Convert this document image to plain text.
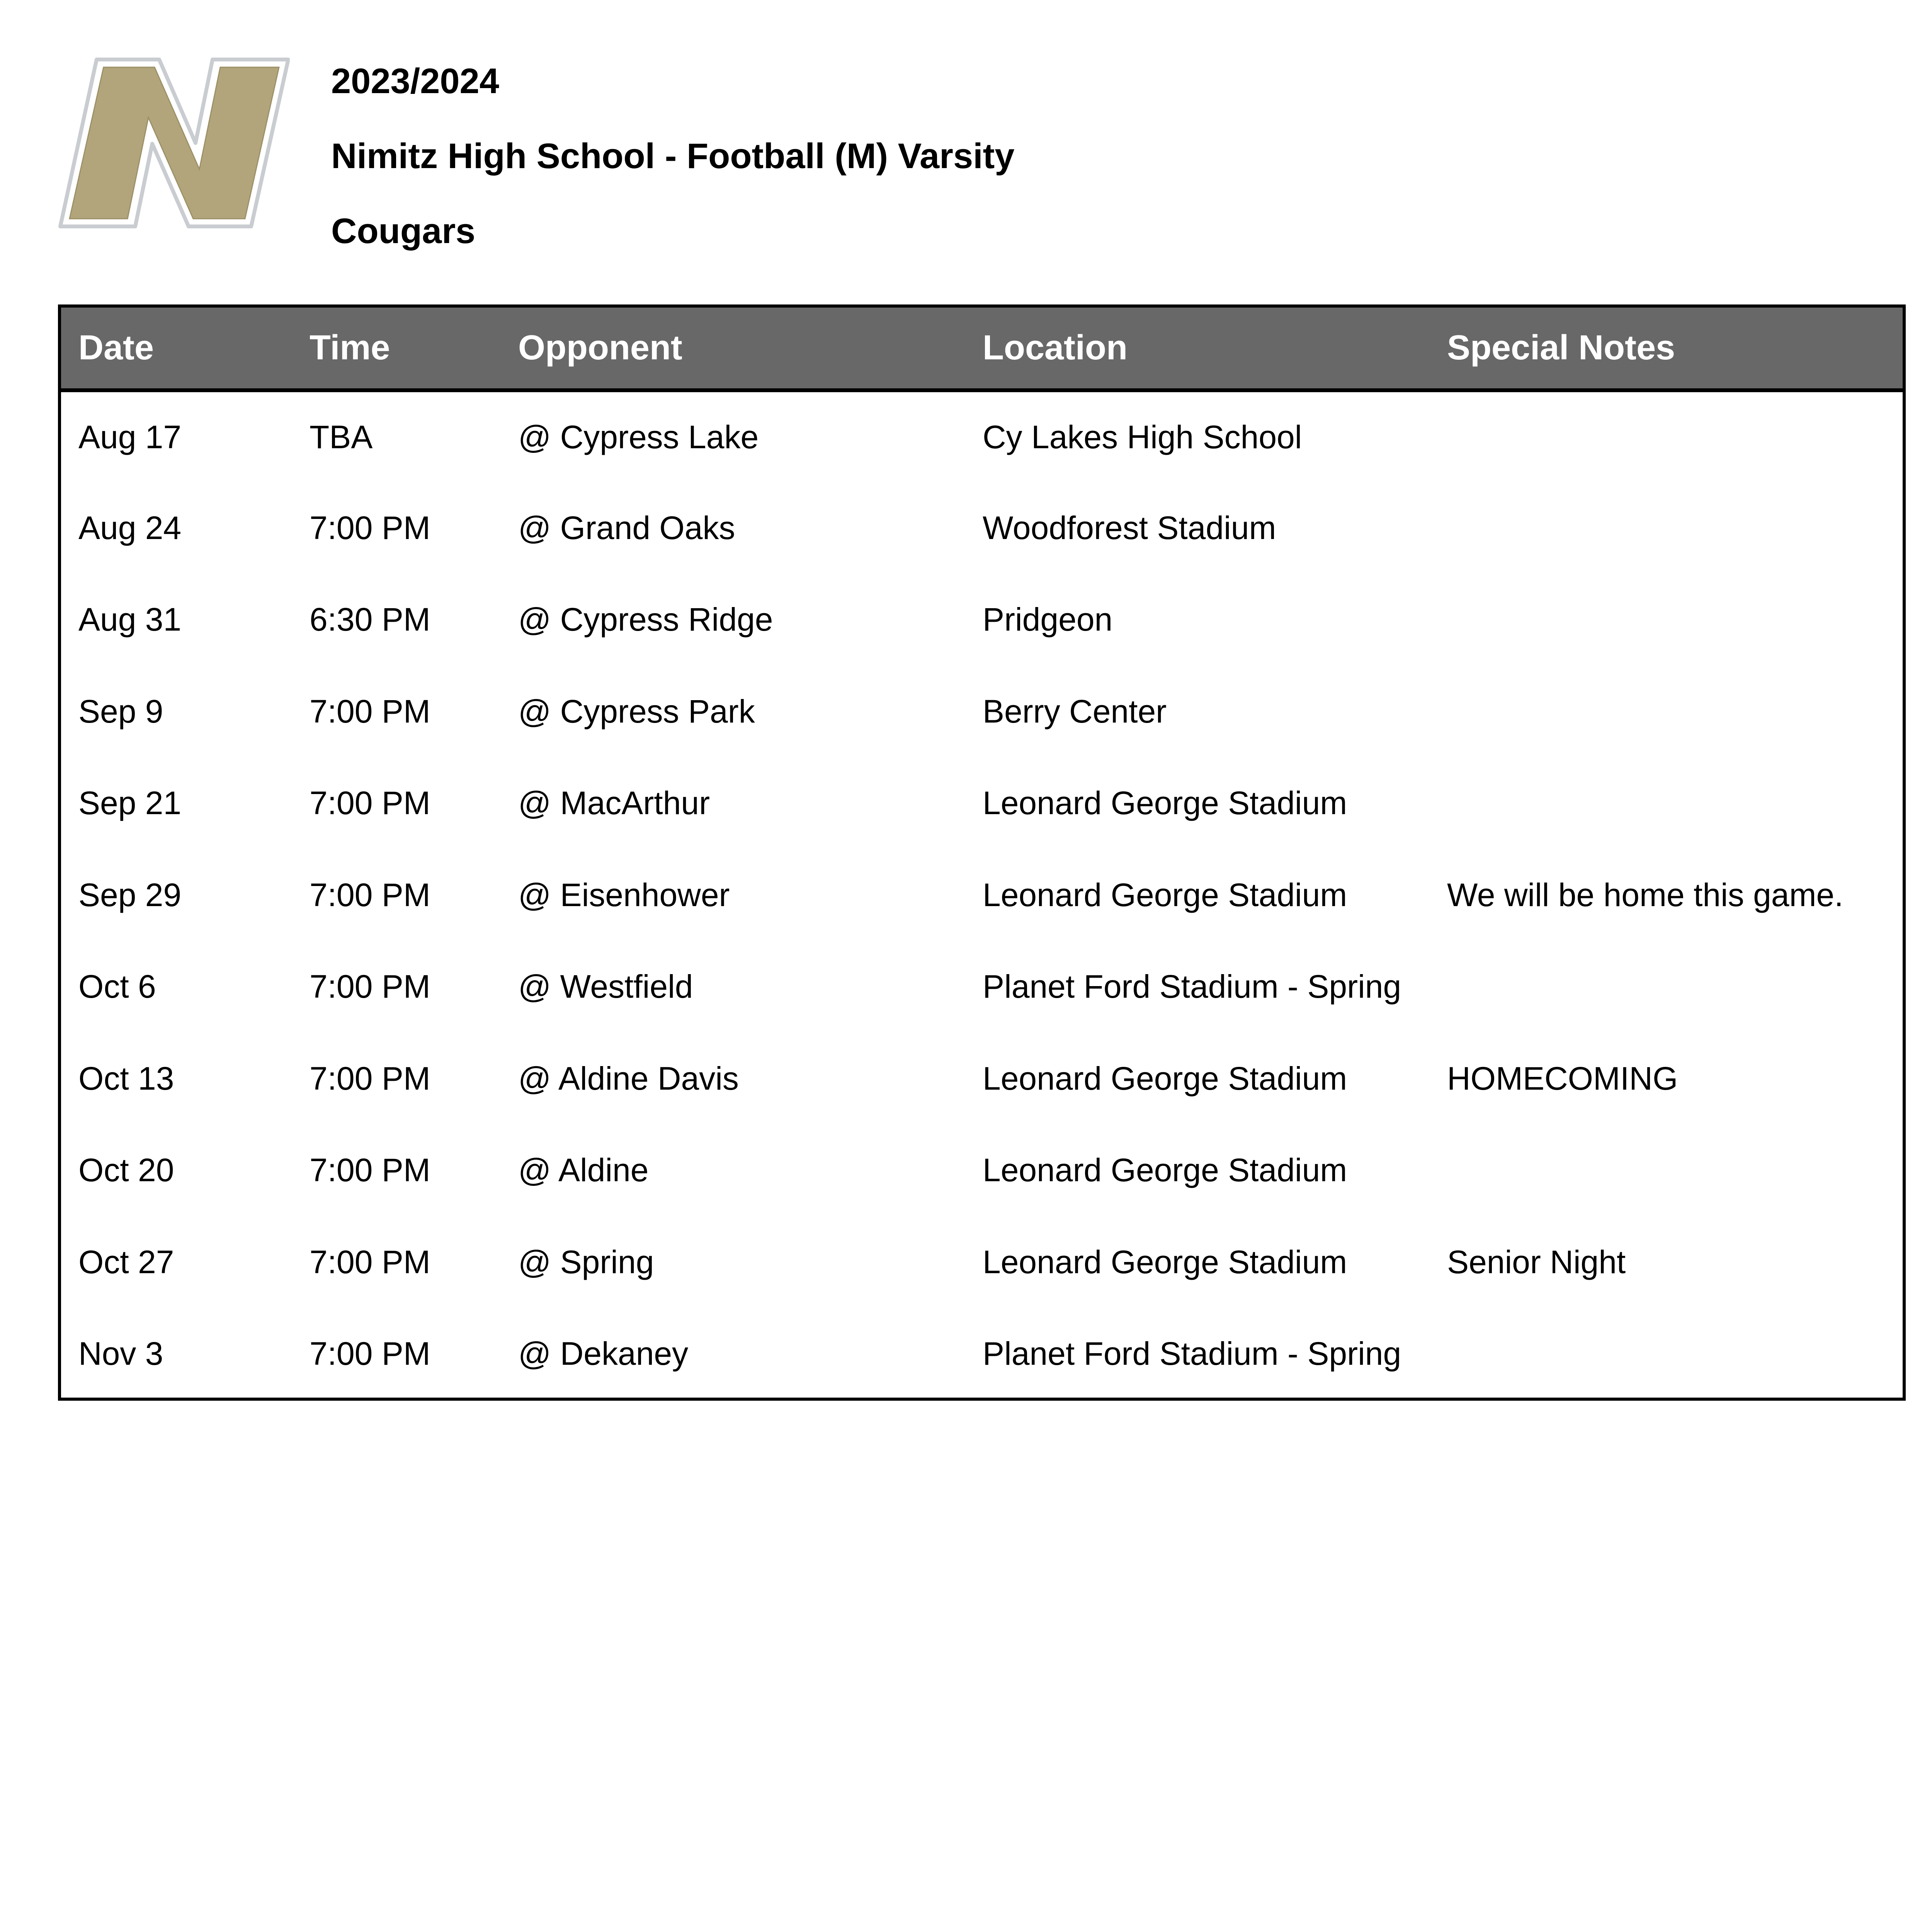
2023/2024
Nimitz High School - Football (M) Varsity
Cougars
Date	Time	Opponent	Location	Special Notes
Aug 17	TBA	@ Cypress Lake	Cy Lakes High School	
Aug 24	7:00 PM	@ Grand Oaks	Woodforest Stadium	
Aug 31	6:30 PM	@ Cypress Ridge	Pridgeon	
Sep 9	7:00 PM	@ Cypress Park	Berry Center	
Sep 21	7:00 PM	@ MacArthur	Leonard George Stadium	
Sep 29	7:00 PM	@ Eisenhower	Leonard George Stadium	We will be home this game.
Oct 6	7:00 PM	@ Westfield	Planet Ford Stadium - Spring	
Oct 13	7:00 PM	@ Aldine Davis	Leonard George Stadium	HOMECOMING
Oct 20	7:00 PM	@ Aldine	Leonard George Stadium	
Oct 27	7:00 PM	@ Spring	Leonard George Stadium	Senior Night
Nov 3	7:00 PM	@ Dekaney	Planet Ford Stadium - Spring	
